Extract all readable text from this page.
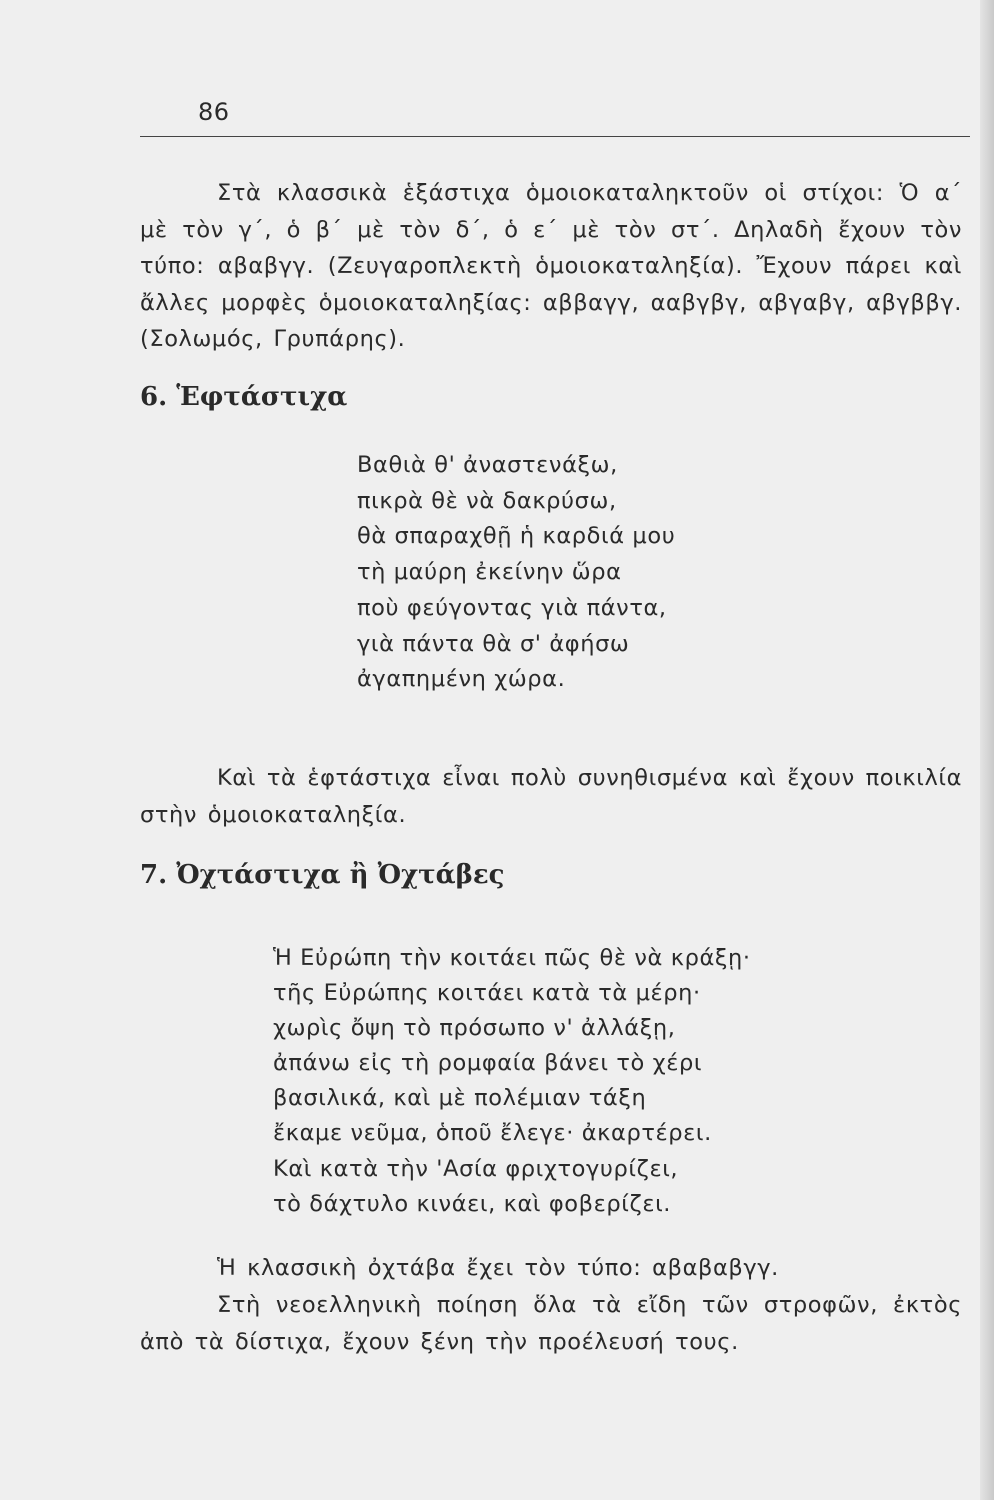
86

Στὰ κλασσικὰ ἑξάστιχα ὁμοιοκαταληκτοῦν οἱ στίχοι: Ὁ α΄ μὲ τὸν γ΄, ὁ β΄ μὲ τὸν δ΄, ὁ ε΄ μὲ τὸν στ΄. Δηλαδὴ ἔχουν τὸν τύπο: αβαβγγ. (Ζευγαροπλεκτὴ ὁμοιοκαταληξία). Ἔχουν πάρει καὶ ἄλλες μορφὲς ὁμοιοκαταληξίας: αββαγγ, ααβγβγ, αβγαβγ, αβγββγ. (Σολωμός, Γρυπάρης).

6. Ἑφτάστιχα
Βαθιὰ θ' ἀναστενάξω,
πικρὰ θὲ νὰ δακρύσω,
θὰ σπαραχθῇ ἡ καρδιά μου
τὴ μαύρη ἐκείνην ὥρα
ποὺ φεύγοντας γιὰ πάντα,
γιὰ πάντα θὰ σ' ἀφήσω
ἀγαπημένη χώρα.

Καὶ τὰ ἑφτάστιχα εἶναι πολὺ συνηθισμένα καὶ ἔχουν ποικιλία στὴν ὁμοιοκαταληξία.

7. Ὀχτάστιχα ἢ Ὀχτάβες
Ἡ Εὐρώπη τὴν κοιτάει πῶς θὲ νὰ κράξῃ·
τῆς Εὐρώπης κοιτάει κατὰ τὰ μέρη·
χωρὶς ὄψη τὸ πρόσωπο ν' ἀλλάξῃ,
ἀπάνω εἰς τὴ ρομφαία βάνει τὸ χέρι
βασιλικά, καὶ μὲ πολέμιαν τάξη
ἔκαμε νεῦμα, ὁποῦ ἔλεγε· ἀκαρτέρει.
Καὶ κατὰ τὴν 'Ασία φριχτογυρίζει,
τὸ δάχτυλο κινάει, καὶ φοβερίζει.

Ἡ κλασσικὴ ὀχτάβα ἔχει τὸν τύπο: αβαβαβγγ.

Στὴ νεοελληνικὴ ποίηση ὅλα τὰ εἴδη τῶν στροφῶν, ἐκτὸς ἀπὸ τὰ δίστιχα, ἔχουν ξένη τὴν προέλευσή τους.
